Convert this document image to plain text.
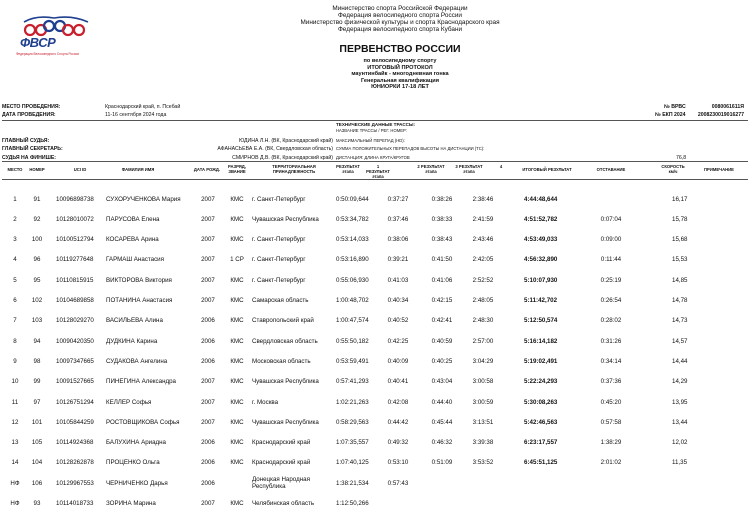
ФВСР
Федерация Велосипедного Спорта России
Министерство спорта Российской Федерации
Федерация велосипедного спорта России
Министерство физической культуры и спорта Краснодарского края
Федерация велосипедного спорта Кубани
ПЕРВЕНСТВО РОССИИ
по велосипедному спорту
ИТОГОВЫЙ ПРОТОКОЛ
маунтинбайк - многодневная гонка
Генеральная квалификация
ЮНИОРКИ 17-18 ЛЕТ
МЕСТО ПРОВЕДЕНИЯ:	Краснодарский край, п. Псебай
ДАТА ПРОВЕДЕНИЯ:	11-16 сентября 2024 года
№ ВРВС	0080061611Я
№ ЕКП 2024	2008230019016277
ТЕХНИЧЕСКИЕ ДАННЫЕ ТРАССЫ:
НАЗВАНИЕ ТРАССЫ / РЕГ. НОМЕР:
МАКСИМАЛЬНЫЙ ПЕРЕПАД (НD):
СУММА ПОЛОЖИТЕЛЬНЫХ ПЕРЕПАДОВ ВЫСОТЫ НА ДИСТАНЦИИ (ТС):
ДИСТАНЦИЯ: ДЛИНА КРУГА/КРУГОВ	76,8
ГЛАВНЫЙ СУДЬЯ:	ЮДИНА Л.Н. (ВК, Краснодарский край)
ГЛАВНЫЙ СЕКРЕТАРЬ:	АФАНАСЬЕВА Е.А. (ВК, Свердловская область)
СУДЬЯ НА ФИНИШЕ:	СМИРНОВ Д.В. (ВК, Краснодарский край)
МЕСТО	НОМЕР	UCI ID	ФАМИЛИЯ ИМЯ	ДАТА РОЖД.
РАЗРЯД, ЗВАНИЕ
ТЕРРИТОРИАЛЬНАЯ ПРИНАДЛЕЖНОСТЬ
РЕЗУЛЬТАТ
этапа
1 РЕЗУЛЬТАТ
этапа
2 РЕЗУЛЬТАТ
этапа
3 РЕЗУЛЬТАТ
этапа
4
ИТОГОВЫЙ РЕЗУЛЬТАТ	ОТСТАВАНИЕ
СКОРОСТЬ
км/ч	ПРИМЕЧАНИЕ
1	91	10096898738	СУХОРУЧЕНКОВА Мария	2007	КМС	г. Санкт-Петербург	0:50:09,644	0:37:27	0:38:26	2:38:46	4:44:48,644	16,17
2	92	10128010072	ПАРУСОВА Елена	2007	КМС	Чувашская Республика	0:53:34,782	0:37:46	0:38:33	2:41:59	4:51:52,782	0:07:04	15,78
3	100	10100512794	КОСАРЕВА Арина	2007	КМС	г. Санкт-Петербург	0:53:14,033	0:38:06	0:38:43	2:43:46	4:53:49,033	0:09:00	15,68
4	96	10119277648	ГАРМАШ Анастасия	2007	1 СР	г. Санкт-Петербург	0:53:16,890	0:39:21	0:41:50	2:42:05	4:56:32,890	0:11:44	15,53
5	95	10110815915	ВИКТОРОВА Виктория	2007	КМС	г. Санкт-Петербург	0:55:06,930	0:41:03	0:41:06	2:52:52	5:10:07,930	0:25:19	14,85
6	102	10104689858	ПОТАНИНА Анастасия	2007	КМС	Самарская область	1:00:48,702	0:40:34	0:42:15	2:48:05	5:11:42,702	0:26:54	14,78
7	103	10128029270	ВАСИЛЬЕВА Алина	2006	КМС	Ставропольский край	1:00:47,574	0:40:52	0:42:41	2:48:30	5:12:50,574	0:28:02	14,73
8	94	10090420350	ДУДКИНА Карина	2006	КМС	Свердловская область	0:55:50,182	0:42:25	0:40:59	2:57:00	5:16:14,182	0:31:26	14,57
9	98	10097347665	СУДАКОВА Ангелина	2006	КМС	Московская область	0:53:59,491	0:40:09	0:40:25	3:04:29	5:19:02,491	0:34:14	14,44
10	99	10091527665	ПИНЕГИНА Александра	2007	КМС	Чувашская Республика	0:57:41,293	0:40:41	0:43:04	3:00:58	5:22:24,293	0:37:36	14,29
11	97	10126751294	КЕЛЛЕР Софья	2007	КМС	г. Москва	1:02:21,263	0:42:08	0:44:40	3:00:59	5:30:08,263	0:45:20	13,95
12	101	10105844259	РОСТОВЩИКОВА Софья	2007	КМС	Чувашская Республика	0:58:29,563	0:44:42	0:45:44	3:13:51	5:42:46,563	0:57:58	13,44
13	105	10114924368	БАЛУХИНА Ариадна	2006	КМС	Краснодарский край	1:07:35,557	0:49:32	0:46:32	3:39:38	6:23:17,557	1:38:29	12,02
14	104	10128262878	ПРОЦЕНКО Ольга	2006	КМС	Краснодарский край	1:07:40,125	0:53:10	0:51:09	3:53:52	6:45:51,125	2:01:02	11,35
НФ	106	10129967553	ЧЕРНИЧЕНКО Дарья	2006	Донецкая Народная Республика	1:38:21,534	0:57:43
НФ	93	10114018733	ЗОРИНА Марина	2007	КМС	Челябинская область	1:12:50,266
